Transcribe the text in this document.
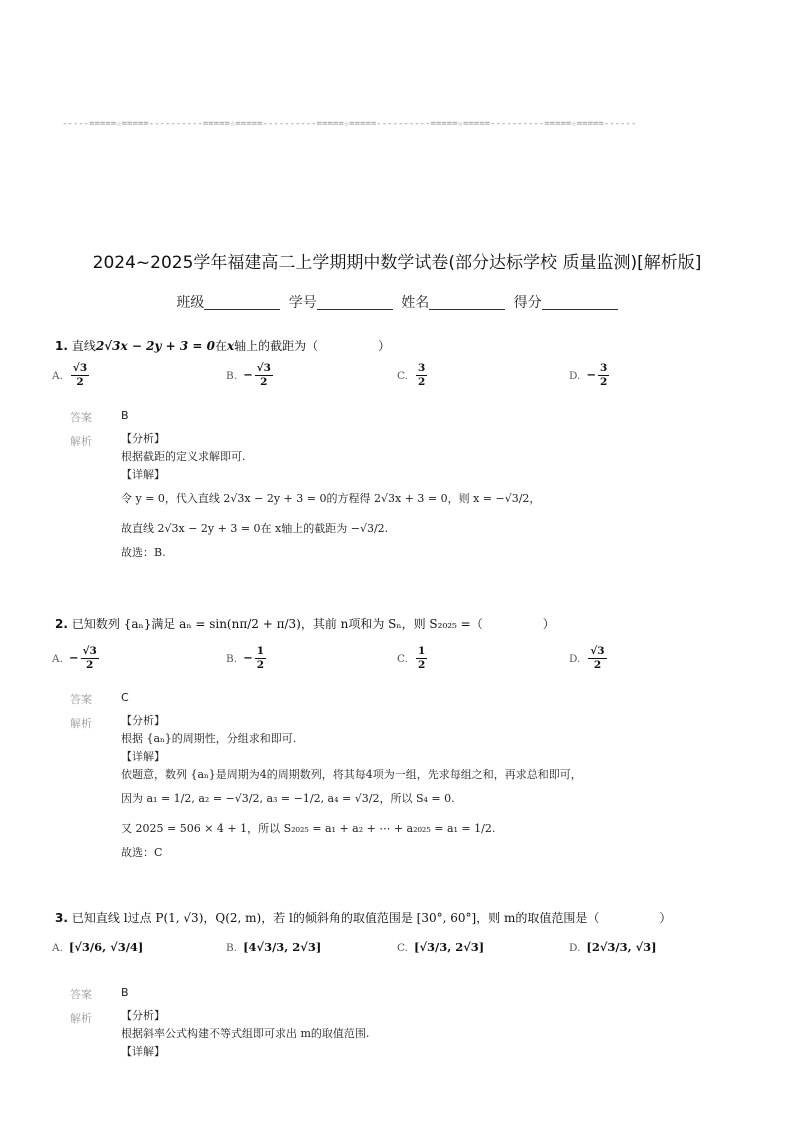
-----=====☆=====----------=====☆=====----------=====☆=====----------=====☆=====----------=====☆=====------
2024~2025学年福建高二上学期期中数学试卷(部分达标学校 质量监测)[解析版]
班级	学号	姓名	得分
1. 直线2√3x − 2y + 3 = 0在x轴上的截距为（　　　　　）
A. $\frac{√3}{2}$	B. − $\frac{√3}{2}$	C. $\frac{3}{2}$	D. − $\frac{3}{2}$
答案	B
解析	【分析】
根据截距的定义求解即可.
【详解】
令 y = 0，代入直线 2√3x − 2y + 3 = 0的方程得 2√3x + 3 = 0，则 x = −√3/2，
故直线 2√3x − 2y + 3 = 0在 x轴上的截距为 −√3/2.
故选：B.
2. 已知数列 {aₙ}满足 aₙ = sin(nπ/2 + π/3)，其前 n项和为 Sₙ，则 S₂₀₂₅ =（　　　　　）
A. − $\frac{√3}{2}$	B. − $\frac{1}{2}$	C. $\frac{1}{2}$	D. $\frac{√3}{2}$
答案	C
解析	【分析】
根据 {aₙ}的周期性，分组求和即可.
【详解】
依题意，数列 {aₙ}是周期为4的周期数列，将其每4项为一组，先求每组之和，再求总和即可，
因为 a₁ = 1/2, a₂ = −√3/2, a₃ = −1/2, a₄ = √3/2，所以 S₄ = 0.
又 2025 = 506 × 4 + 1，所以 S₂₀₂₅ = a₁ + a₂ + ⋯ + a₂₀₂₅ = a₁ = 1/2.
故选：C
3. 已知直线 l过点 P(1, √3)，Q(2, m)，若 l的倾斜角的取值范围是 [30°, 60°]，则 m的取值范围是（　　　　　）
A. [√3/6, √3/4]	B. [4√3/3, 2√3]	C. [√3/3, 2√3]	D. [2√3/3, √3]
答案	B
解析	【分析】
根据斜率公式构建不等式组即可求出 m的取值范围.
【详解】
